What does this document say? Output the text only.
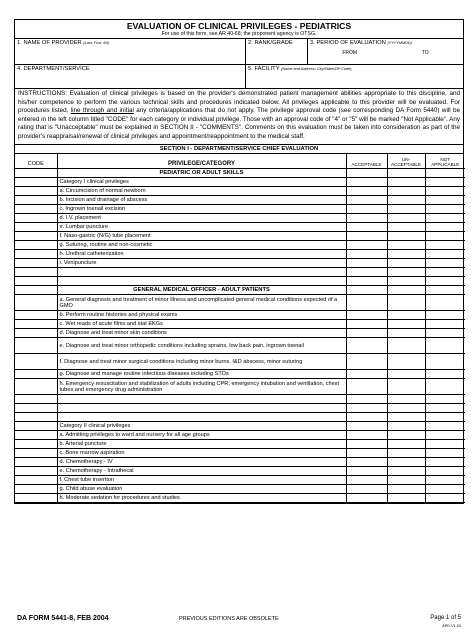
EVALUATION OF CLINICAL PRIVILEGES - PEDIATRICS
For use of this form, see AR 40-68; the proponent agency is OTSG.
1. NAME OF PROVIDER (Last, First, MI)	2. RANK/GRADE	3. PERIOD OF EVALUATION (YYYYMMDD)
FROM	TO
4. DEPARTMENT/SERVICE	5. FACILITY (Name and Address: City/State/ZIP Code)
INSTRUCTIONS: Evaluation of clinical privileges is based on the provider's demonstrated patient management abilities appropriate to this discipline, and his/her competence to perform the various technical skills and procedures indicated below. All privileges applicable to this provider will be evaluated. For procedures listed, line through and initial any criteria/applications that do not apply. The privilege approval code (see corresponding DA Form 5440) will be entered in the left column titled "CODE" for each category or individual privilege. Those with an approval code of "4" or "5" will be marked "Not Applicable". Any rating that is "Unacceptable" must be explained in SECTION II - "COMMENTS". Comments on this evaluation must be taken into consideration as part of the provider's reappraisal/renewal of clinical privileges and appointment/reappointment to the medical staff.
SECTION I - DEPARTMENT/SERVICE CHIEF EVALUATION
CODE	PRIVILEGE/CATEGORY	ACCEPTABLE	UN- ACCEPTABLE	NOT APPLICABLE
	PEDIATRIC OR ADULT SKILLS			
	Category I clinical privileges			
	a. Circumcision of normal newborn			
	b. Incision and drainage of abscess			
	c. Ingrown toenail excision			
	d. I.V. placement			
	e. Lumbar puncture			
	f. Naso-gastric (N/G) tube placement			
	g. Suturing, routine and non-cosmetic			
	h. Urethral catheterization			
	i. Venipuncture			

	GENERAL MEDICAL OFFICER - ADULT PATIENTS			
	a. General diagnosis and treatment of minor illness and uncomplicated general medical conditions expected of a GMO			
	b. Perform routine histories and physical exams			
	c. Wet reads of acute films and stat EKGs			
	d. Diagnose and treat minor skin conditions			
	e. Diagnose and treat minor orthopedic conditions including sprains, low back pain, ingrown toenail			
	f. Diagnose and treat minor surgical conditions including minor burns, I&D abscess, minor suturing			
	g. Diagnose and manage routine infectious diseases including STDs			
	h. Emergency resuscitation and stabilization of adults including CPR, emergency intubation and ventilation, chest tubes and emergency drug administration			

	Category II clinical privileges			
	a. Admitting privileges to ward and nursery for all age groups			
	b. Arterial puncture			
	c. Bone marrow aspiration			
	d. Chemotherapy - IV			
	e. Chemotherapy - Intrathecal			
	f. Chest tube insertion			
	g. Child abuse evaluation			
	h. Moderate sedation for procedures and studies			
DA FORM 5441-8, FEB 2004	PREVIOUS EDITIONS ARE OBSOLETE	Page 1 of 5
APD V1.00
